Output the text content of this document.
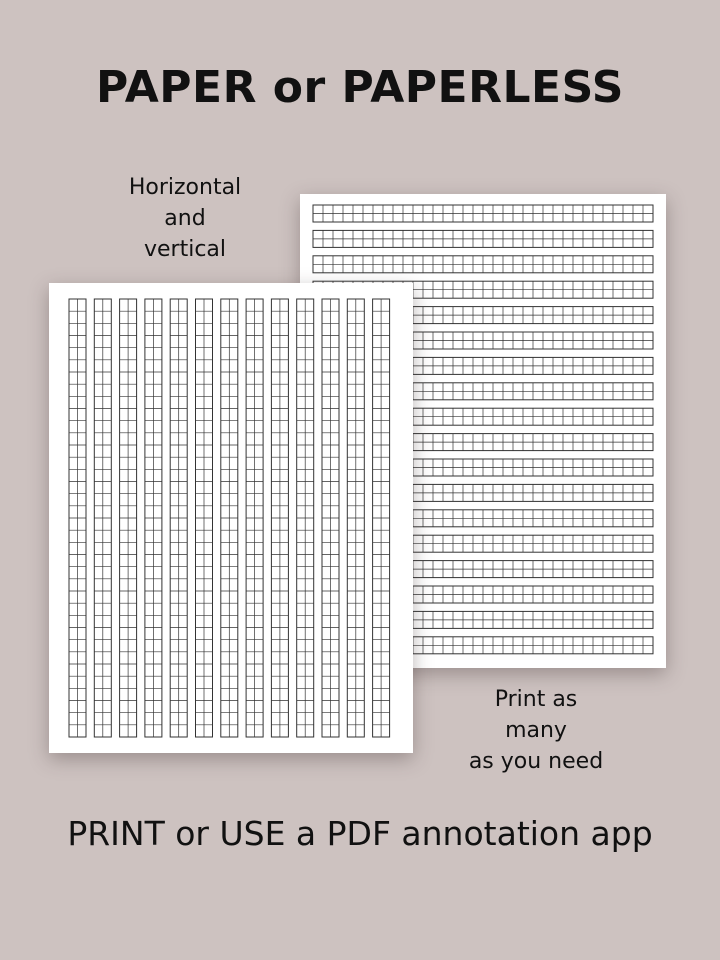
PAPER or PAPERLESS

Horizontal
and
vertical

Print as
many
as you need

PRINT or USE a PDF annotation app
